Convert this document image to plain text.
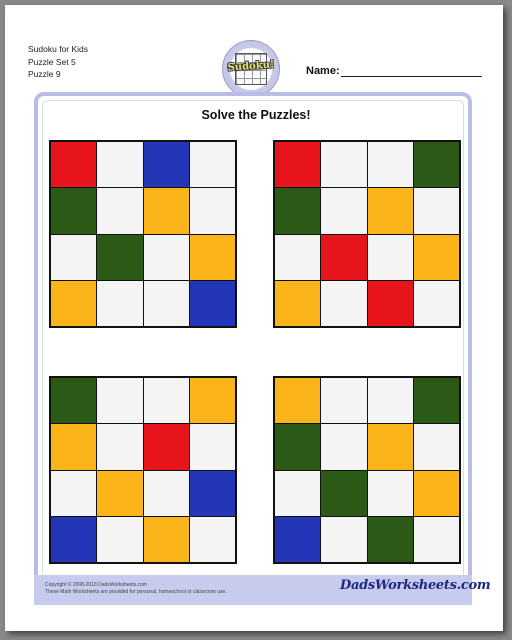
Sudoku for Kids
Puzzle Set 5
Puzzle 9
Sudoku!	Name:
Solve the Puzzles!
Copyright © 2008-2018 DadsWorksheets.com
These Math Worksheets are provided for personal, homeschool or classroom use.	DadsWorksheets.com
